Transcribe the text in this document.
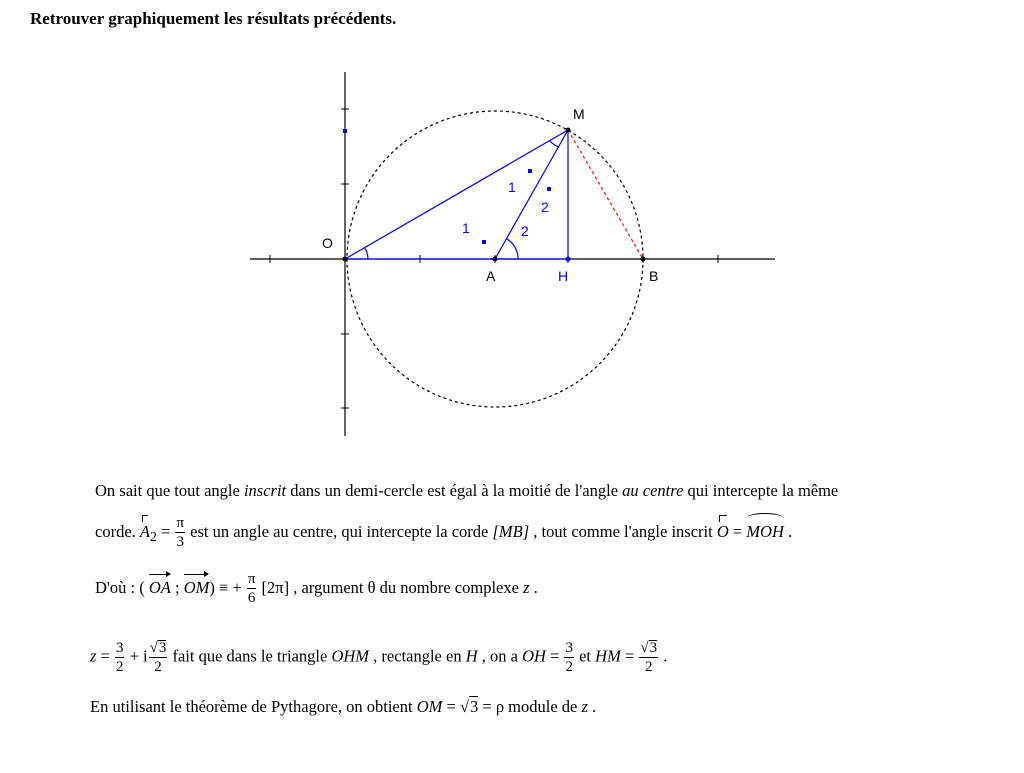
Retrouver graphiquement les résultats précédents.
O
A	H	B
M
1
1
2
2
On sait que tout angle inscrit dans un demi-cercle est égal à la moitié de l'angle au centre qui intercepte la même
corde. $A_2 = \frac{\pi}{3}$ est un angle au centre, qui intercepte la corde [MB] , tout comme l'angle inscrit O = MOH .
D'où : ( OA ; OM) ≡ + $\frac{\pi}{6} [2\pi]$ , argument θ du nombre complexe z .
$z = \frac{3}{2} + i \frac{√3}{2}$ fait que dans le triangle OHM , rectangle en H , on a OH = $\frac{3}{2}$ et HM = $\frac{√3}{2}$ .
En utilisant le théorème de Pythagore, on obtient OM = √3 = ρ module de z .
